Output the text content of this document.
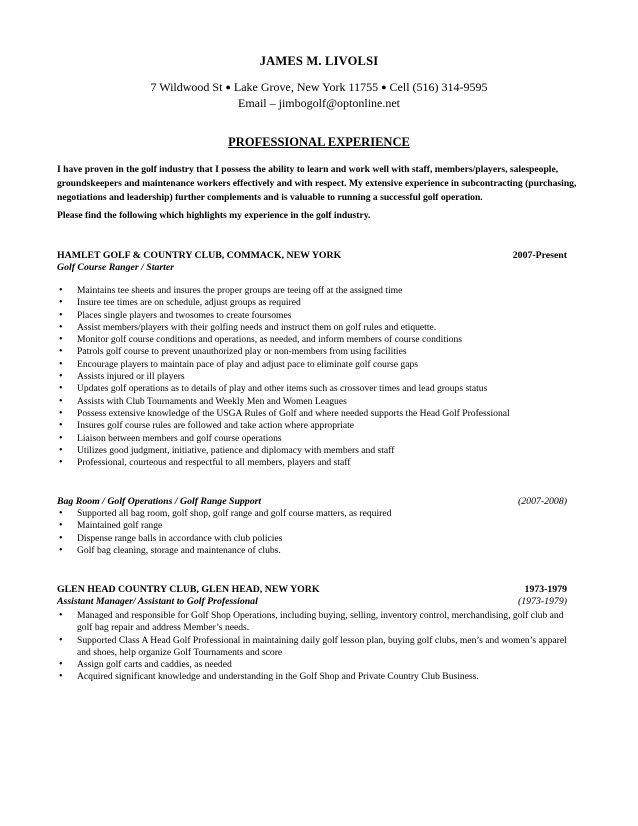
JAMES M. LIVOLSI
7 Wildwood St ● Lake Grove, New York 11755 ● Cell (516) 314-9595
Email – jimbogolf@optonline.net
PROFESSIONAL EXPERIENCE
I have proven in the golf industry that I possess the ability to learn and work well with staff, members/players, salespeople, groundskeepers and maintenance workers effectively and with respect. My extensive experience in subcontracting (purchasing, negotiations and leadership) further complements and is valuable to running a successful golf operation.
Please find the following which highlights my experience in the golf industry.
HAMLET GOLF & COUNTRY CLUB, COMMACK, NEW YORK	2007-Present
Golf Course Ranger / Starter
• Maintains tee sheets and insures the proper groups are teeing off at the assigned time
• Insure tee times are on schedule, adjust groups as required
• Places single players and twosomes to create foursomes
• Assist members/players with their golfing needs and instruct them on golf rules and etiquette.
• Monitor golf course conditions and operations, as needed, and inform members of course conditions
• Patrols golf course to prevent unauthorized play or non-members from using facilities
• Encourage players to maintain pace of play and adjust pace to eliminate golf course gaps
• Assists injured or ill players
• Updates golf operations as to details of play and other items such as crossover times and lead groups status
• Assists with Club Tournaments and Weekly Men and Women Leagues
• Possess extensive knowledge of the USGA Rules of Golf and where needed supports the Head Golf Professional
• Insures golf course rules are followed and take action where appropriate
• Liaison between members and golf course operations
• Utilizes good judgment, initiative, patience and diplomacy with members and staff
• Professional, courteous and respectful to all members, players and staff
Bag Room / Golf Operations / Golf Range Support	(2007-2008)
• Supported all bag room, golf shop, golf range and golf course matters, as required
• Maintained golf range
• Dispense range balls in accordance with club policies
• Golf bag cleaning, storage and maintenance of clubs.
GLEN HEAD COUNTRY CLUB, GLEN HEAD, NEW YORK	1973-1979
Assistant Manager/ Assistant to Golf Professional	(1973-1979)
• Managed and responsible for Golf Shop Operations, including buying, selling, inventory control, merchandising, golf club and golf bag repair and address Member’s needs.
• Supported Class A Head Golf Professional in maintaining daily golf lesson plan, buying golf clubs, men’s and women’s apparel and shoes, help organize Golf Tournaments and score
• Assign golf carts and caddies, as needed
• Acquired significant knowledge and understanding in the Golf Shop and Private Country Club Business.
